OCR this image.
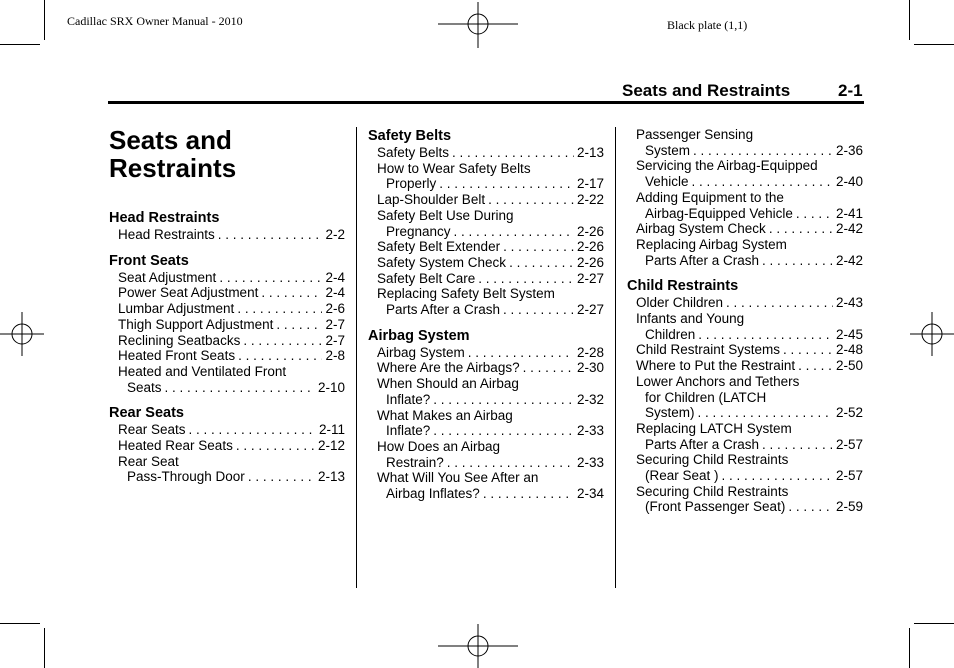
Cadillac SRX Owner Manual - 2010	Black plate (1,1)
Seats and Restraints	2-1
Seats and
Restraints
Head Restraints
Head Restraints . . .	2-2
Front Seats
Seat Adjustment . . .	2-4
Power Seat Adjustment . . .	2-4
Lumbar Adjustment . . .	2-6
Thigh Support Adjustment . . .	2-7
Reclining Seatbacks . . .	2-7
Heated Front Seats . . .	2-8
Heated and Ventilated Front
Seats . . .	2-10
Rear Seats
Rear Seats . . .	2-11
Heated Rear Seats . . .	2-12
Rear Seat
Pass-Through Door . . .	2-13
Safety Belts
Safety Belts . . .	2-13
How to Wear Safety Belts
Properly . . .	2-17
Lap-Shoulder Belt . . .	2-22
Safety Belt Use During
Pregnancy . . .	2-26
Safety Belt Extender . . .	2-26
Safety System Check . . .	2-26
Safety Belt Care . . .	2-27
Replacing Safety Belt System
Parts After a Crash . . .	2-27
Airbag System
Airbag System . . .	2-28
Where Are the Airbags? . . .	2-30
When Should an Airbag
Inflate? . . .	2-32
What Makes an Airbag
Inflate? . . .	2-33
How Does an Airbag
Restrain? . . .	2-33
What Will You See After an
Airbag Inflates? . . .	2-34
Passenger Sensing
System . . .	2-36
Servicing the Airbag-Equipped
Vehicle . . .	2-40
Adding Equipment to the
Airbag-Equipped Vehicle . . .	2-41
Airbag System Check . . .	2-42
Replacing Airbag System
Parts After a Crash . . .	2-42
Child Restraints
Older Children . . .	2-43
Infants and Young
Children . . .	2-45
Child Restraint Systems . . .	2-48
Where to Put the Restraint . . .	2-50
Lower Anchors and Tethers
for Children (LATCH
System) . . .	2-52
Replacing LATCH System
Parts After a Crash . . .	2-57
Securing Child Restraints
(Rear Seat ) . . .	2-57
Securing Child Restraints
(Front Passenger Seat) . . .	2-59
